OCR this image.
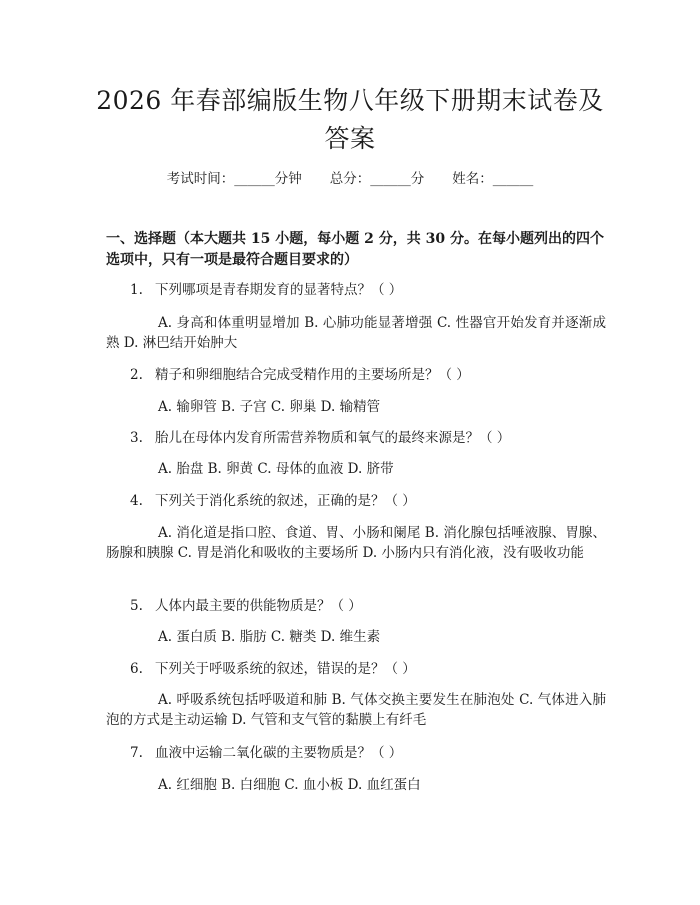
2026 年春部编版生物八年级下册期末试卷及答案
考试时间：______分钟 总分：______分 姓名：______
一、选择题（本大题共 15 小题，每小题 2 分，共 30 分。在每小题列出的四个选项中，只有一项是最符合题目要求的）
1. 下列哪项是青春期发育的显著特点？（ ）
A. 身高和体重明显增加 B. 心肺功能显著增强 C. 性器官开始发育并逐渐成熟 D. 淋巴结开始肿大
2. 精子和卵细胞结合完成受精作用的主要场所是？（ ）
A. 输卵管 B. 子宫 C. 卵巢 D. 输精管
3. 胎儿在母体内发育所需营养物质和氧气的最终来源是？（ ）
A. 胎盘 B. 卵黄 C. 母体的血液 D. 脐带
4. 下列关于消化系统的叙述，正确的是？（ ）
A. 消化道是指口腔、食道、胃、小肠和阑尾 B. 消化腺包括唾液腺、胃腺、肠腺和胰腺 C. 胃是消化和吸收的主要场所 D. 小肠内只有消化液，没有吸收功能
5. 人体内最主要的供能物质是？（ ）
A. 蛋白质 B. 脂肪 C. 糖类 D. 维生素
6. 下列关于呼吸系统的叙述，错误的是？（ ）
A. 呼吸系统包括呼吸道和肺 B. 气体交换主要发生在肺泡处 C. 气体进入肺泡的方式是主动运输 D. 气管和支气管的黏膜上有纤毛
7. 血液中运输二氧化碳的主要物质是？（ ）
A. 红细胞 B. 白细胞 C. 血小板 D. 血红蛋白
